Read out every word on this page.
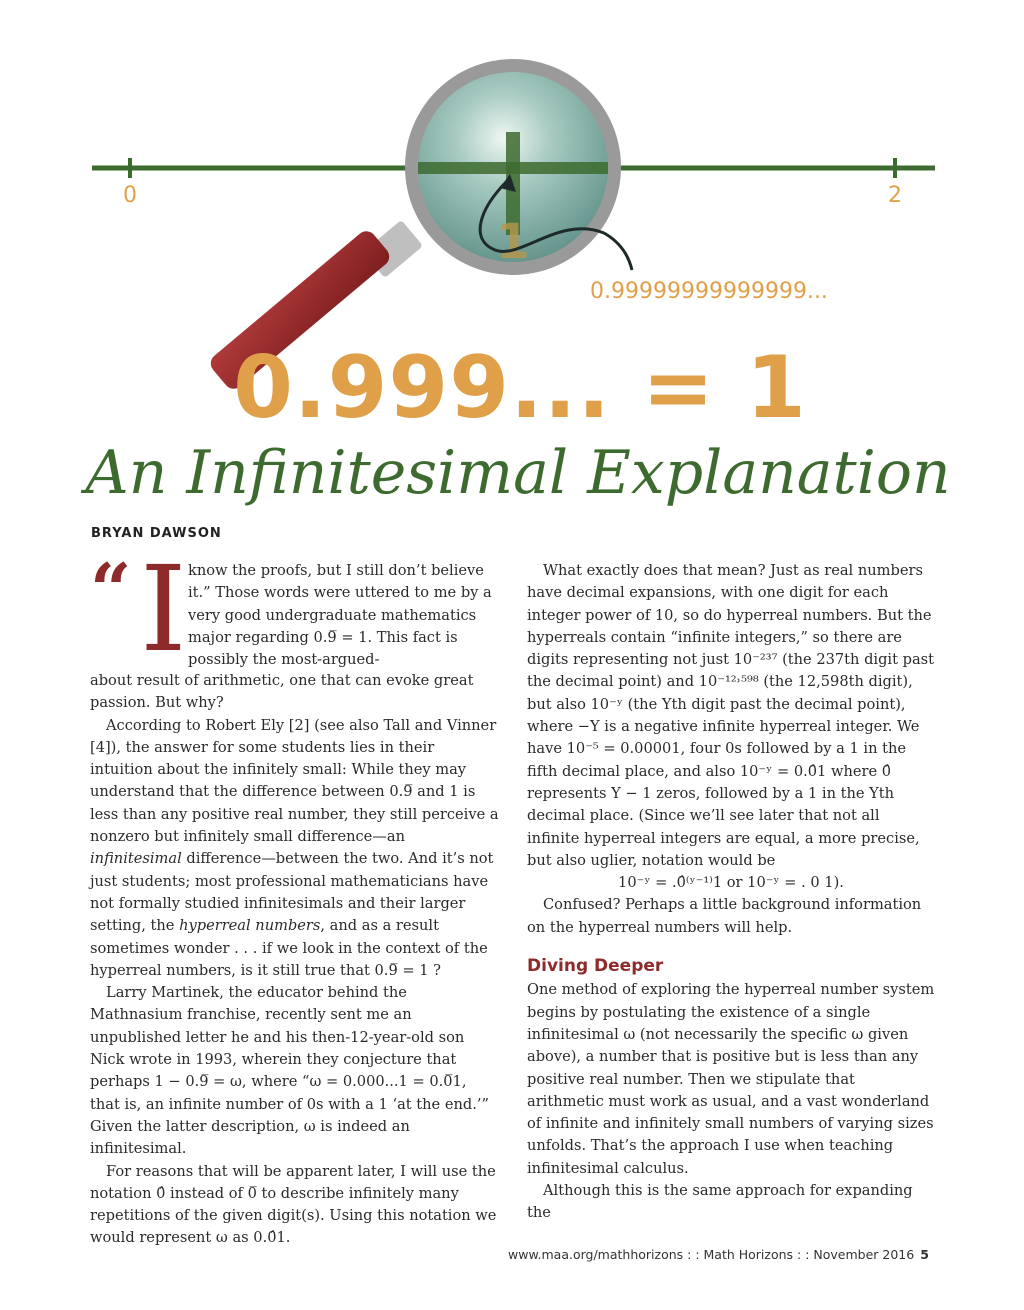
0	2
1
0.99999999999999...
0.999... = 1
An Infinitesimal Explanation
BRYAN DAWSON
“ I know the proofs, but I still don’t believe it.” Those words were uttered to me by a very good undergraduate mathematics major regarding 0.9̅ = 1. This fact is possibly the most-argued-

about result of arithmetic, one that can evoke great passion. But why?

According to Robert Ely [2] (see also Tall and Vinner [4]), the answer for some students lies in their intuition about the infinitely small: While they may understand that the difference between 0.9̅ and 1 is less than any positive real number, they still perceive a nonzero but infinitely small difference—an infinitesimal difference—between the two. And it’s not just students; most professional mathematicians have not formally studied infinitesimals and their larger setting, the hyperreal numbers, and as a result sometimes wonder . . . if we look in the context of the hyperreal numbers, is it still true that 0.9̅ = 1 ?

Larry Martinek, the educator behind the Mathnasium franchise, recently sent me an unpublished letter he and his then-12-year-old son Nick wrote in 1993, wherein they conjecture that perhaps 1 − 0.9̅ = ω, where “ω = 0.000...1 = 0.0̅1, that is, an infinite number of 0s with a 1 ‘at the end.’” Given the latter description, ω is indeed an infinitesimal.

For reasons that will be apparent later, I will use the notation 0̂ instead of 0̅ to describe infinitely many repetitions of the given digit(s). Using this notation we would represent ω as 0.0̂1.

What exactly does that mean? Just as real numbers have decimal expansions, with one digit for each integer power of 10, so do hyperreal numbers. But the hyperreals contain “infinite integers,” so there are digits representing not just 10⁻²³⁷ (the 237th digit past the decimal point) and 10⁻¹²˒⁵⁹⁸ (the 12,598th digit), but also 10⁻ʸ (the Yth digit past the decimal point), where −Y is a negative infinite hyperreal integer. We have 10⁻⁵ = 0.00001, four 0s followed by a 1 in the fifth decimal place, and also 10⁻ʸ = 0.0̂1 where 0̂ represents Y − 1 zeros, followed by a 1 in the Yth decimal place. (Since we’ll see later that not all infinite hyperreal integers are equal, a more precise, but also uglier, notation would be

10⁻ʸ = .0̂⁽ʸ⁻¹⁾1 or 10⁻ʸ = . 0 1).

Confused? Perhaps a little background information on the hyperreal numbers will help.

Diving Deeper

One method of exploring the hyperreal number system begins by postulating the existence of a single infinitesimal ω (not necessarily the specific ω given above), a number that is positive but is less than any positive real number. Then we stipulate that arithmetic must work as usual, and a vast wonderland of infinite and infinitely small numbers of varying sizes unfolds. That’s the approach I use when teaching infinitesimal calculus.

Although this is the same approach for expanding the

www.maa.org/mathhorizons : : Math Horizons : : November 2016 5
